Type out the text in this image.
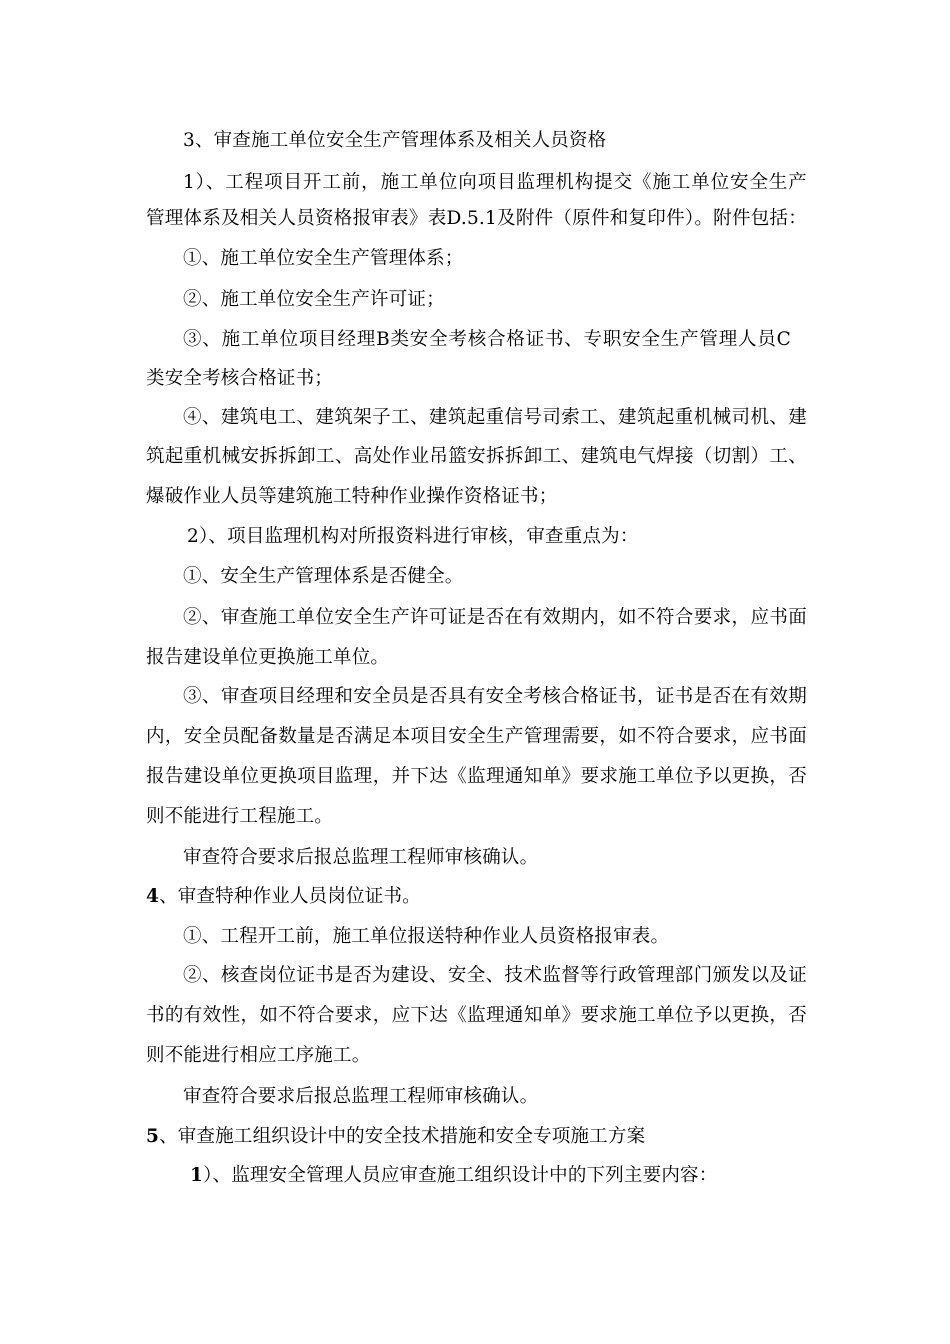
3、审查施工单位安全生产管理体系及相关人员资格
1）、工程项目开工前，施工单位向项目监理机构提交《施工单位安全生产
管理体系及相关人员资格报审表》表D.5.1及附件（原件和复印件）。附件包括：
①、施工单位安全生产管理体系；
②、施工单位安全生产许可证；
③、施工单位项目经理B类安全考核合格证书、专职安全生产管理人员C
类安全考核合格证书；
④、建筑电工、建筑架子工、建筑起重信号司索工、建筑起重机械司机、建
筑起重机械安拆拆卸工、高处作业吊篮安拆拆卸工、建筑电气焊接（切割）工、
爆破作业人员等建筑施工特种作业操作资格证书；
2）、项目监理机构对所报资料进行审核，审查重点为：
①、安全生产管理体系是否健全。
②、审查施工单位安全生产许可证是否在有效期内，如不符合要求，应书面
报告建设单位更换施工单位。
③、审查项目经理和安全员是否具有安全考核合格证书，证书是否在有效期
内，安全员配备数量是否满足本项目安全生产管理需要，如不符合要求，应书面
报告建设单位更换项目监理，并下达《监理通知单》要求施工单位予以更换，否
则不能进行工程施工。
审查符合要求后报总监理工程师审核确认。
4、审查特种作业人员岗位证书。
①、工程开工前，施工单位报送特种作业人员资格报审表。
②、核查岗位证书是否为建设、安全、技术监督等行政管理部门颁发以及证
书的有效性，如不符合要求，应下达《监理通知单》要求施工单位予以更换，否
则不能进行相应工序施工。
审查符合要求后报总监理工程师审核确认。
5、审查施工组织设计中的安全技术措施和安全专项施工方案
1）、监理安全管理人员应审查施工组织设计中的下列主要内容：
